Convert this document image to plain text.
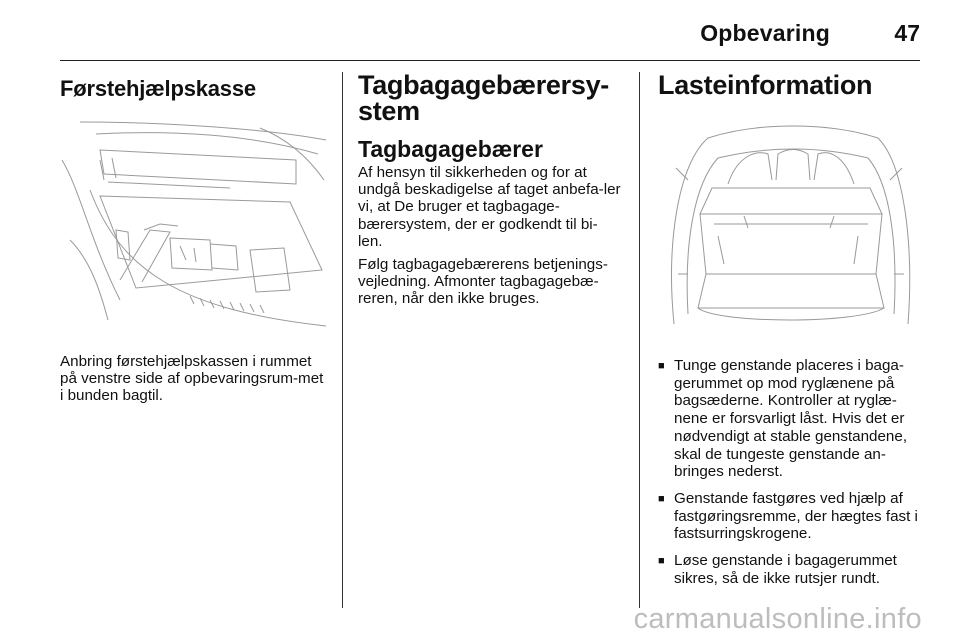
Opbevaring	47
Førstehjælpskasse

Anbring førstehjælpskassen i rummet på venstre side af opbevaringsrum-met i bunden bagtil.

Tagbagagebærersy-stem
Tagbagagebærer

Af hensyn til sikkerheden og for at undgå beskadigelse af taget anbefa-ler vi, at De bruger et tagbagage-bærersystem, der er godkendt til bi-len.

Følg tagbagagebærerens betjenings-vejledning. Afmonter tagbagagebæ-reren, når den ikke bruges.

Lasteinformation
■ Tunge genstande placeres i baga-gerummet op mod ryglænene på bagsæderne. Kontroller at ryglæ-nene er forsvarligt låst. Hvis det er nødvendigt at stable genstandene, skal de tungeste genstande an-bringes nederst.
■ Genstande fastgøres ved hjælp af fastgøringsremme, der hægtes fast i fastsurringskrogene.
■ Løse genstande i bagagerummet sikres, så de ikke rutsjer rundt.
carmanualsonline.info
